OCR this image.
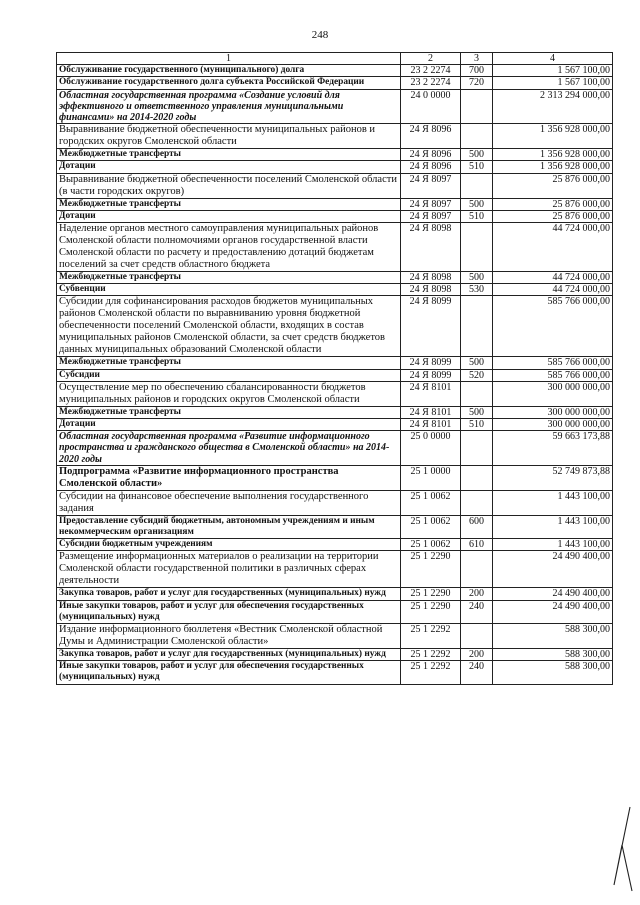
248
1	2	3	4
Обслуживание государственного (муниципального) долга	23 2 2274	700	1 567 100,00
Обслуживание государственного долга субъекта Российской Федерации	23 2 2274	720	1 567 100,00
Областная государственная программа «Создание условий для эффективного и ответственного управления муниципальными финансами» на 2014-2020 годы	24 0 0000		2 313 294 000,00
Выравнивание бюджетной обеспеченности муниципальных районов и городских округов Смоленской области	24 Я 8096		1 356 928 000,00
Межбюджетные трансферты	24 Я 8096	500	1 356 928 000,00
Дотации	24 Я 8096	510	1 356 928 000,00
Выравнивание бюджетной обеспеченности поселений Смоленской области (в части городских округов)	24 Я 8097		25 876 000,00
Межбюджетные трансферты	24 Я 8097	500	25 876 000,00
Дотации	24 Я 8097	510	25 876 000,00
Наделение органов местного самоуправления муниципальных районов Смоленской области полномочиями органов государственной власти Смоленской области по расчету и предоставлению дотаций бюджетам поселений за счет средств областного бюджета	24 Я 8098		44 724 000,00
Межбюджетные трансферты	24 Я 8098	500	44 724 000,00
Субвенции	24 Я 8098	530	44 724 000,00
Субсидии для софинансирования расходов бюджетов муниципальных районов Смоленской области по выравниванию уровня бюджетной обеспеченности поселений Смоленской области, входящих в состав муниципальных районов Смоленской области, за счет средств бюджетов данных муниципальных образований Смоленской области	24 Я 8099		585 766 000,00
Межбюджетные трансферты	24 Я 8099	500	585 766 000,00
Субсидии	24 Я 8099	520	585 766 000,00
Осуществление мер по обеспечению сбалансированности бюджетов муниципальных районов и городских округов Смоленской области	24 Я 8101		300 000 000,00
Межбюджетные трансферты	24 Я 8101	500	300 000 000,00
Дотации	24 Я 8101	510	300 000 000,00
Областная государственная программа «Развитие информационного пространства и гражданского общества в Смоленской области» на 2014-2020 годы	25 0 0000		59 663 173,88
Подпрограмма «Развитие информационного пространства Смоленской области»	25 1 0000		52 749 873,88
Субсидии на финансовое обеспечение выполнения государственного задания	25 1 0062		1 443 100,00
Предоставление субсидий бюджетным, автономным учреждениям и иным некоммерческим организациям	25 1 0062	600	1 443 100,00
Субсидии бюджетным учреждениям	25 1 0062	610	1 443 100,00
Размещение информационных материалов о реализации на территории Смоленской области государственной политики в различных сферах деятельности	25 1 2290		24 490 400,00
Закупка товаров, работ и услуг для государственных (муниципальных) нужд	25 1 2290	200	24 490 400,00
Иные закупки товаров, работ и услуг для обеспечения государственных (муниципальных) нужд	25 1 2290	240	24 490 400,00
Издание информационного бюллетеня «Вестник Смоленской областной Думы и Администрации Смоленской области»	25 1 2292		588 300,00
Закупка товаров, работ и услуг для государственных (муниципальных) нужд	25 1 2292	200	588 300,00
Иные закупки товаров, работ и услуг для обеспечения государственных (муниципальных) нужд	25 1 2292	240	588 300,00
